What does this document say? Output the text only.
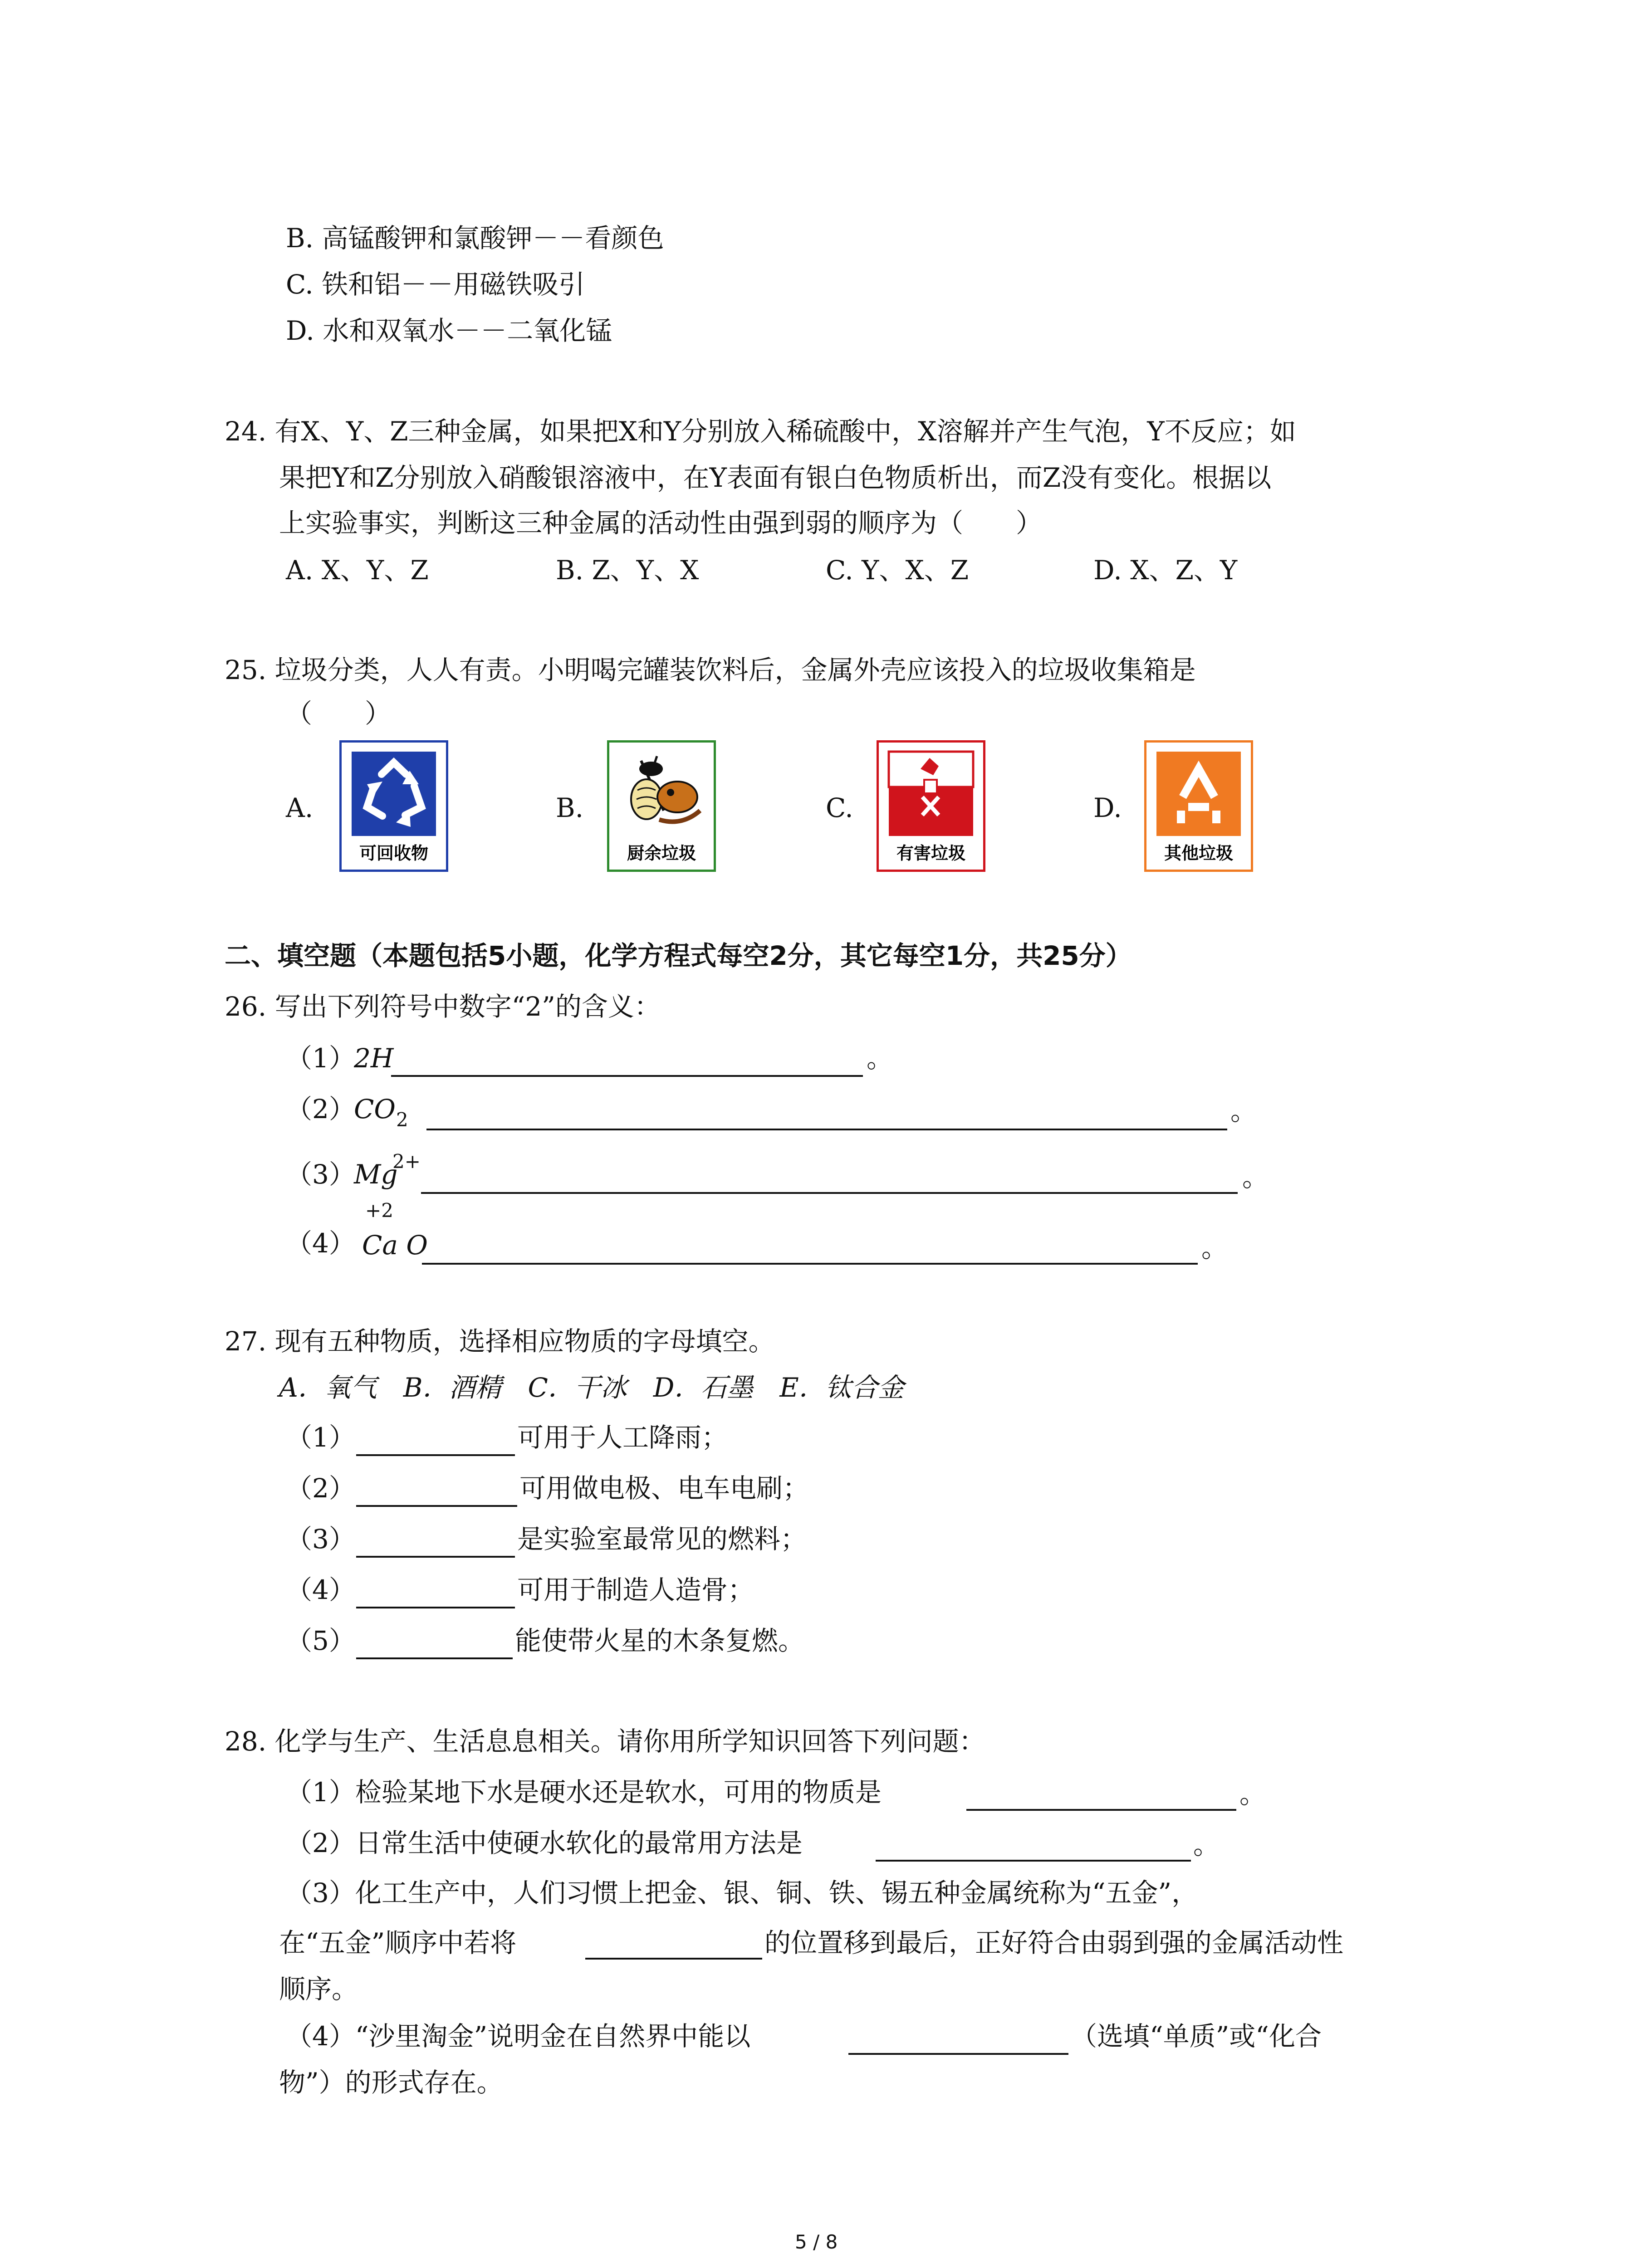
B. 高锰酸钾和氯酸钾－－看颜色
C. 铁和铝－－用磁铁吸引
D. 水和双氧水－－二氧化锰
24. 有X、Y、Z三种金属，如果把X和Y分别放入稀硫酸中，X溶解并产生气泡，Y不反应；如
果把Y和Z分别放入硝酸银溶液中，在Y表面有银白色物质析出，而Z没有变化。根据以
上实验事实，判断这三种金属的活动性由强到弱的顺序为（　　）
A. X、Y、Z	B. Z、Y、X	C. Y、X、Z	D. X、Z、Y
25. 垃圾分类，人人有责。小明喝完罐装饮料后，金属外壳应该投入的垃圾收集箱是
（　　）
A.
可回收物
B.
厨余垃圾
C.
有害垃圾
D.
其他垃圾
二、填空题（本题包括5小题，化学方程式每空2分，其它每空1分，共25分）
26. 写出下列符号中数字“2”的含义：
（1）
2H	。
（2）
CO 2	。
（3）
Mg
2+
。
+2
（4） Ca O	。
27. 现有五种物质，选择相应物质的字母填空。
A．氧气　B．酒精　C．干冰　D．石墨　E．钛合金
（1）	可用于人工降雨；
（2）	可用做电极、电车电刷；
（3）	是实验室最常见的燃料；
（4）	可用于制造人造骨；
（5）	能使带火星的木条复燃。
28. 化学与生产、生活息息相关。请你用所学知识回答下列问题：
（1）检验某地下水是硬水还是软水，可用的物质是	。
（2）日常生活中使硬水软化的最常用方法是	。
（3）化工生产中，人们习惯上把金、银、铜、铁、锡五种金属统称为“五金”，
在“五金”顺序中若将	的位置移到最后，正好符合由弱到强的金属活动性
顺序。
（4）“沙里淘金”说明金在自然界中能以	（选填“单质”或“化合
物”）的形式存在。
5 / 8
